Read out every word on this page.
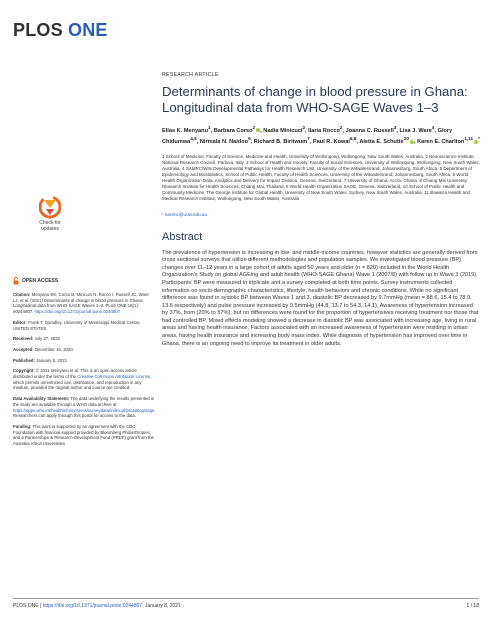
PLOS ONE
Check for updates
OPEN ACCESS

Citation: Menyanu EK, Corso B, Minicuci N, Rocco I, Russell JC, Ware LJ, et al. (2021) Determinants of change in blood pressure in Ghana: Longitudinal data from WHO-SAGE Waves 1–3. PLoS ONE 16(1): e0244807. https://doi.org/10.1371/journal.pone.0244807

Editor: Frank T. Spradley, University of Mississippi Medical Center, UNITED STATES

Received: July 27, 2020

Accepted: December 16, 2020

Published: January 8, 2021

Copyright: © 2021 Menyanu et al. This is an open access article distributed under the terms of the Creative Commons Attribution License, which permits unrestricted use, distribution, and reproduction in any medium, provided the original author and source are credited.

Data Availability Statement: The data underlying the results presented in the study are available through a WHO data archive at: https://apps.who.int/healthinfo/systems/surveydata/index.php/catalog/sage. Researchers can apply through this portal for access to the data.

Funding: This work is supported by an agreement with the CDC Foundation with financial support provided by Bloomberg Philanthropies, and a Partnerships & Research Development Fund (PRDF) grant from the Australia Africa Universities

RESEARCH ARTICLE
Determinants of change in blood pressure in Ghana: Longitudinal data from WHO-SAGE Waves 1–3
Elias K. Menyanu$^1$, Barbara Corso$^2$, Nadia Minicuci$^2$, Ilaria Rocco$^2$, Joanna C. Russell$^3$, Lisa J. Ware$^4$, Glory Chidumwa$^{4,5}$, Nirmala N. Naidoo$^6$, Richard B. Biritwum$^7$, Paul R. Kowal$^{6,8}$, Aletta E. Schutte$^{10}$, Karen E. Charlton$^{1,11}$ *
1 School of Medicine, Faculty of Science, Medicine and Health, University of Wollongong, Wollongong, New South Wales, Australia, 2 Neuroscience Institute, National Research Council, Padova, Italy, 3 School of Health and Society, Faculty of Social Sciences, University of Wollongong, Wollongong, New South Wales, Australia, 4 SAMRC/Wits Developmental Pathways for Health Research Unit, University of the Witwatersrand, Johannesburg, South Africa, 5 Department of Epidemiology and Biostatistics, School of Public Health, Faculty of Health Sciences, University of the Witwatersrand, Johannesburg, South Africa, 6 World Health Organization Data, Analytics and Delivery for Impact Division, Geneva, Switzerland, 7 University of Ghana, Accra, Ghana, 8 Chiang Mai University Research Institute for Health Sciences, Chiang Mai, Thailand, 9 World Health Organization SAGE, Geneva, Switzerland, 10 School of Public Health and Community Medicine, The George Institute for Global Health, University of New South Wales, Sydney, New South Wales, Australia, 11 Illawarra Health and Medical Research Institute, Wollongong, New South Wales, Australia
* karenc@uow.edu.au
Abstract
The prevalence of hypertension is increasing in low- and middle-income countries, however statistics are generally derived from cross sectional surveys that utilize different methodologies and population samples. We investigated blood pressure (BP) changes over 11–12 years in a large cohort of adults aged 50 years and older (n = 820) included in the World Health Organization’s Study on global AGEing and adult health (WHO-SAGE Ghana) Wave 1 (2007/8) with follow up in Wave 3 (2019). Participants’ BP were measured in triplicate and a survey completed at both time points. Survey instruments collected information on socio-demographic characteristics, lifestyle, health behaviors and chronic conditions. While no significant difference was found in systolic BP between Waves 1 and 3, diastolic BP decreased by 9.7mmHg (mean = 88.6, 15.4 to 78.9, 13.6 respectively) and pulse pressure increased by 9.5mmHg (44.8, 13.7 to 54.3, 14.1). Awareness of hypertension increased by 37%, from (20% to 57%), but no differences were found for the proportion of hypertensives receiving treatment nor those that had controlled BP. Mixed effects modeling showed a decrease in diastolic BP was associated with increasing age, living in rural areas and having health insurance. Factors associated with an increased awareness of hypertension were residing in urban areas, having health insurance and increasing body mass index. While diagnosis of hypertension has improved over time in Ghana, there is an ongoing need to improve its treatment in older adults.
PLOS ONE | https://doi.org/10.1371/journal.pone.0244807 January 8, 2021	1 / 18
